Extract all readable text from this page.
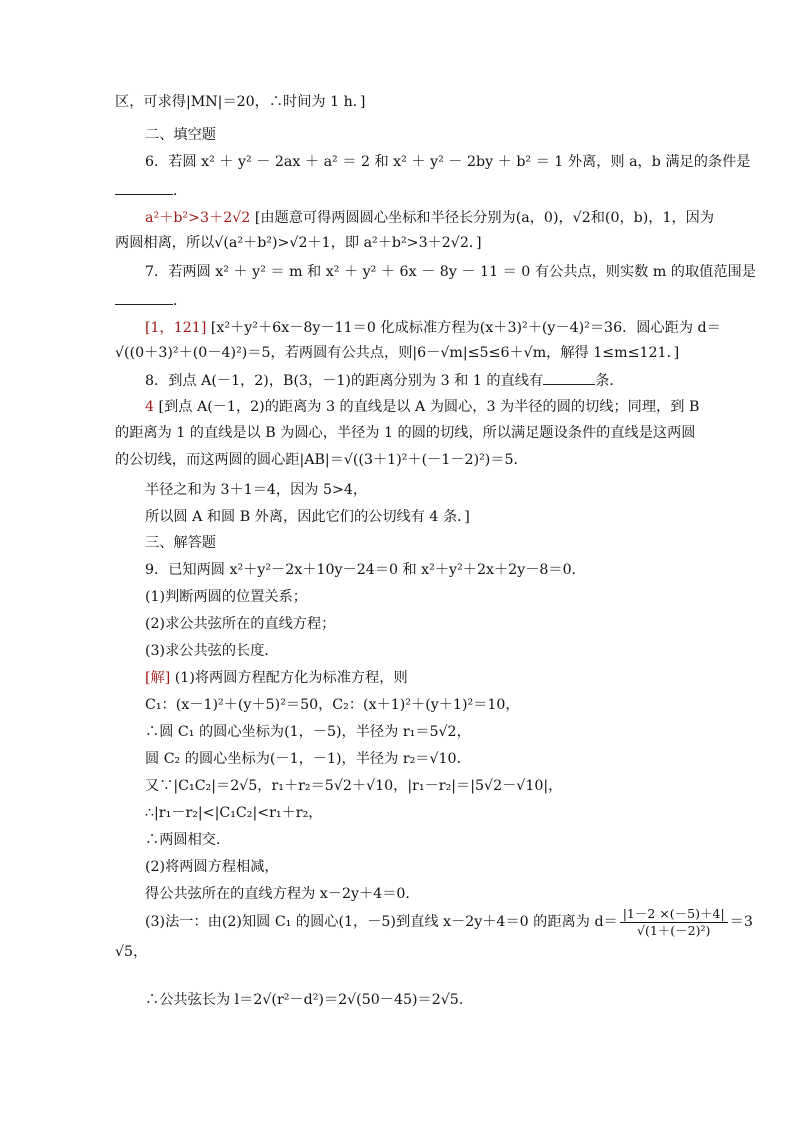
区，可求得|MN|＝20，∴时间为 1 h．]
二、填空题
6．若圆 x² ＋ y² － 2ax ＋ a² ＝ 2 和 x² ＋ y² － 2by ＋ b² ＝ 1 外离，则 a，b 满足的条件是
．
a²＋b²>3＋2√2 [由题意可得两圆圆心坐标和半径长分别为(a，0)，√2和(0，b)，1，因为
两圆相离，所以√(a²＋b²)>√2＋1，即 a²＋b²>3＋2√2．]
7．若两圆 x² ＋ y² ＝ m 和 x² ＋ y² ＋ 6x － 8y － 11 ＝ 0 有公共点，则实数 m 的取值范围是
．
[1，121] [x²＋y²＋6x－8y－11＝0 化成标准方程为(x＋3)²＋(y－4)²＝36．圆心距为 d＝
√((0＋3)²＋(0－4)²)＝5，若两圆有公共点，则|6－√m|≤5≤6＋√m，解得 1≤m≤121．]
8．到点 A(－1，2)，B(3，－1)的距离分别为 3 和 1 的直线有	条．
4 [到点 A(－1，2)的距离为 3 的直线是以 A 为圆心，3 为半径的圆的切线；同理，到 B
的距离为 1 的直线是以 B 为圆心，半径为 1 的圆的切线，所以满足题设条件的直线是这两圆
的公切线，而这两圆的圆心距|AB|＝√((3＋1)²＋(－1－2)²)＝5．
半径之和为 3＋1＝4，因为 5>4，
所以圆 A 和圆 B 外离，因此它们的公切线有 4 条．]
三、解答题
9．已知两圆 x²＋y²－2x＋10y－24＝0 和 x²＋y²＋2x＋2y－8＝0．
(1)判断两圆的位置关系；
(2)求公共弦所在的直线方程；
(3)求公共弦的长度．
[解] (1)将两圆方程配方化为标准方程，则
C₁：(x－1)²＋(y＋5)²＝50，C₂：(x＋1)²＋(y＋1)²＝10，
∴圆 C₁ 的圆心坐标为(1，－5)，半径为 r₁＝5√2，
圆 C₂ 的圆心坐标为(－1，－1)，半径为 r₂＝√10．
又∵|C₁C₂|＝2√5，r₁＋r₂＝5√2＋√10，|r₁－r₂|＝|5√2－√10|，
∴|r₁－r₂|<|C₁C₂|<r₁＋r₂，
∴两圆相交．
(2)将两圆方程相减，
得公共弦所在的直线方程为 x－2y＋4＝0．
(3)法一：由(2)知圆 C₁ 的圆心(1，－5)到直线 x－2y＋4＝0 的距离为 $d= \frac{|1-2 \times(-5)+4|}{\text{√(1＋(－2)²)}} =3$
√5，
∴公共弦长为 l＝2√(r²－d²)＝2√(50－45)＝2√5．
